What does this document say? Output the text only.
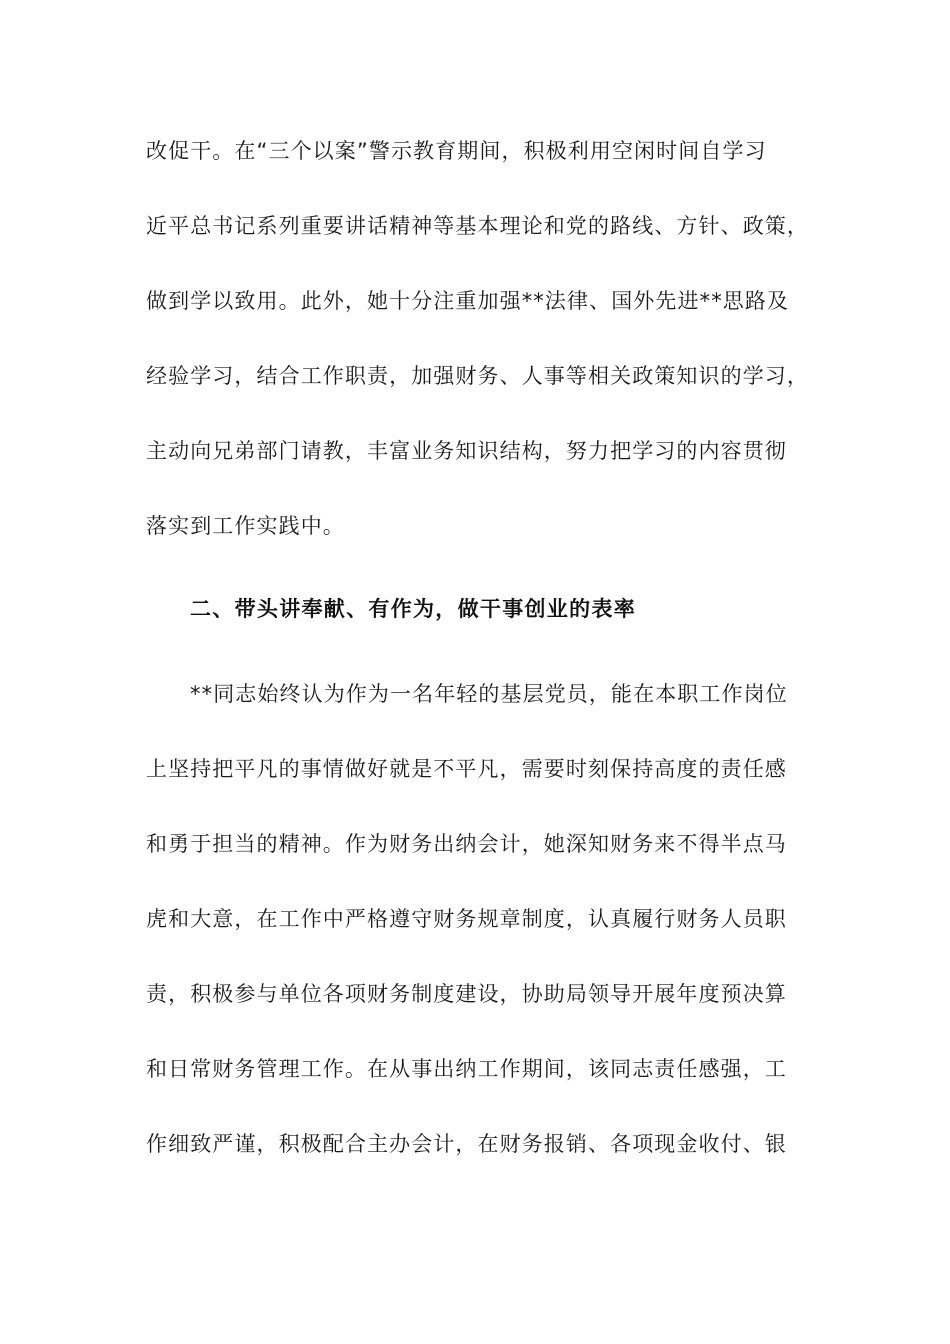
改促干。在“三个以案”警示教育期间，积极利用空闲时间自学习
近平总书记系列重要讲话精神等基本理论和党的路线、方针、政策，
做到学以致用。此外，她十分注重加强**法律、国外先进**思路及
经验学习，结合工作职责，加强财务、人事等相关政策知识的学习，
主动向兄弟部门请教，丰富业务知识结构，努力把学习的内容贯彻
落实到工作实践中。
二、带头讲奉献、有作为，做干事创业的表率
**同志始终认为作为一名年轻的基层党员，能在本职工作岗位
上坚持把平凡的事情做好就是不平凡，需要时刻保持高度的责任感
和勇于担当的精神。作为财务出纳会计，她深知财务来不得半点马
虎和大意，在工作中严格遵守财务规章制度，认真履行财务人员职
责，积极参与单位各项财务制度建设，协助局领导开展年度预决算
和日常财务管理工作。在从事出纳工作期间，该同志责任感强，工
作细致严谨，积极配合主办会计，在财务报销、各项现金收付、银
